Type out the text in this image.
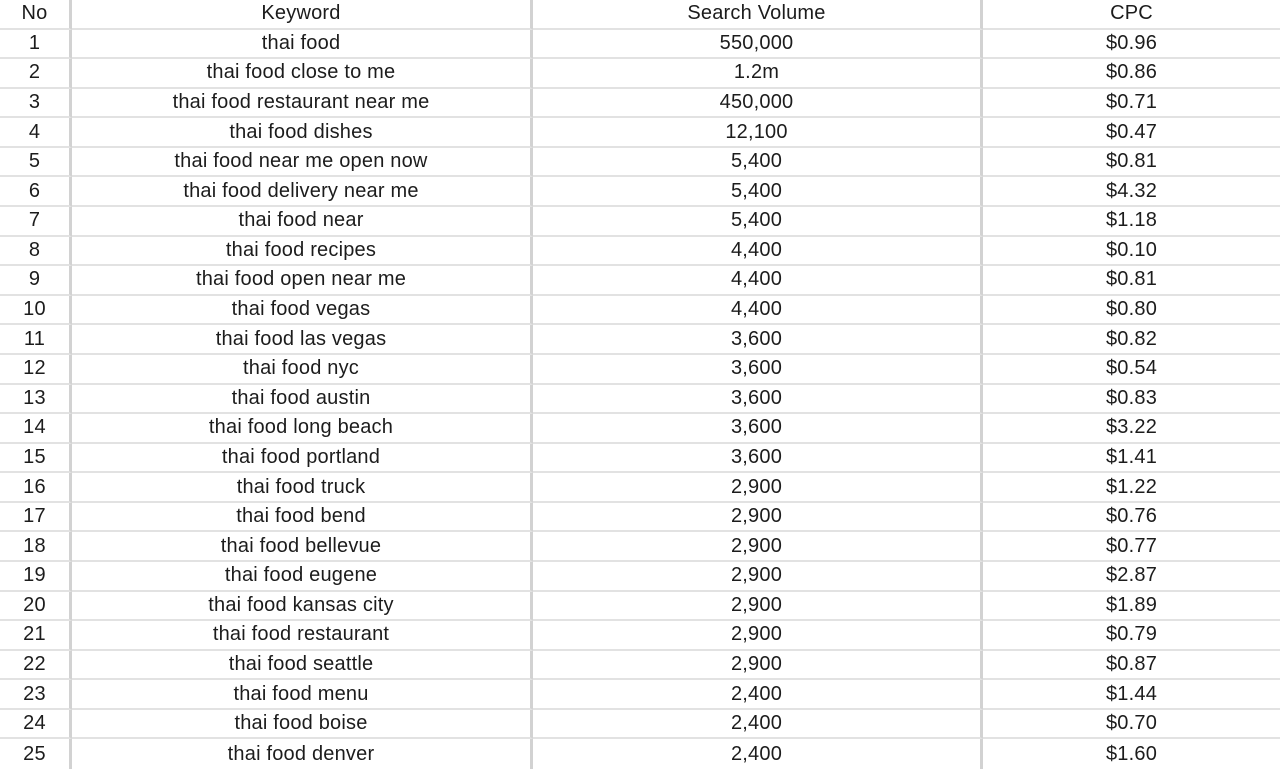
No	Keyword	Search Volume	CPC
1	thai food	550,000	$0.96
2	thai food close to me	1.2m	$0.86
3	thai food restaurant near me	450,000	$0.71
4	thai food dishes	12,100	$0.47
5	thai food near me open now	5,400	$0.81
6	thai food delivery near me	5,400	$4.32
7	thai food near	5,400	$1.18
8	thai food recipes	4,400	$0.10
9	thai food open near me	4,400	$0.81
10	thai food vegas	4,400	$0.80
11	thai food las vegas	3,600	$0.82
12	thai food nyc	3,600	$0.54
13	thai food austin	3,600	$0.83
14	thai food long beach	3,600	$3.22
15	thai food portland	3,600	$1.41
16	thai food truck	2,900	$1.22
17	thai food bend	2,900	$0.76
18	thai food bellevue	2,900	$0.77
19	thai food eugene	2,900	$2.87
20	thai food kansas city	2,900	$1.89
21	thai food restaurant	2,900	$0.79
22	thai food seattle	2,900	$0.87
23	thai food menu	2,400	$1.44
24	thai food boise	2,400	$0.70
25	thai food denver	2,400	$1.60
